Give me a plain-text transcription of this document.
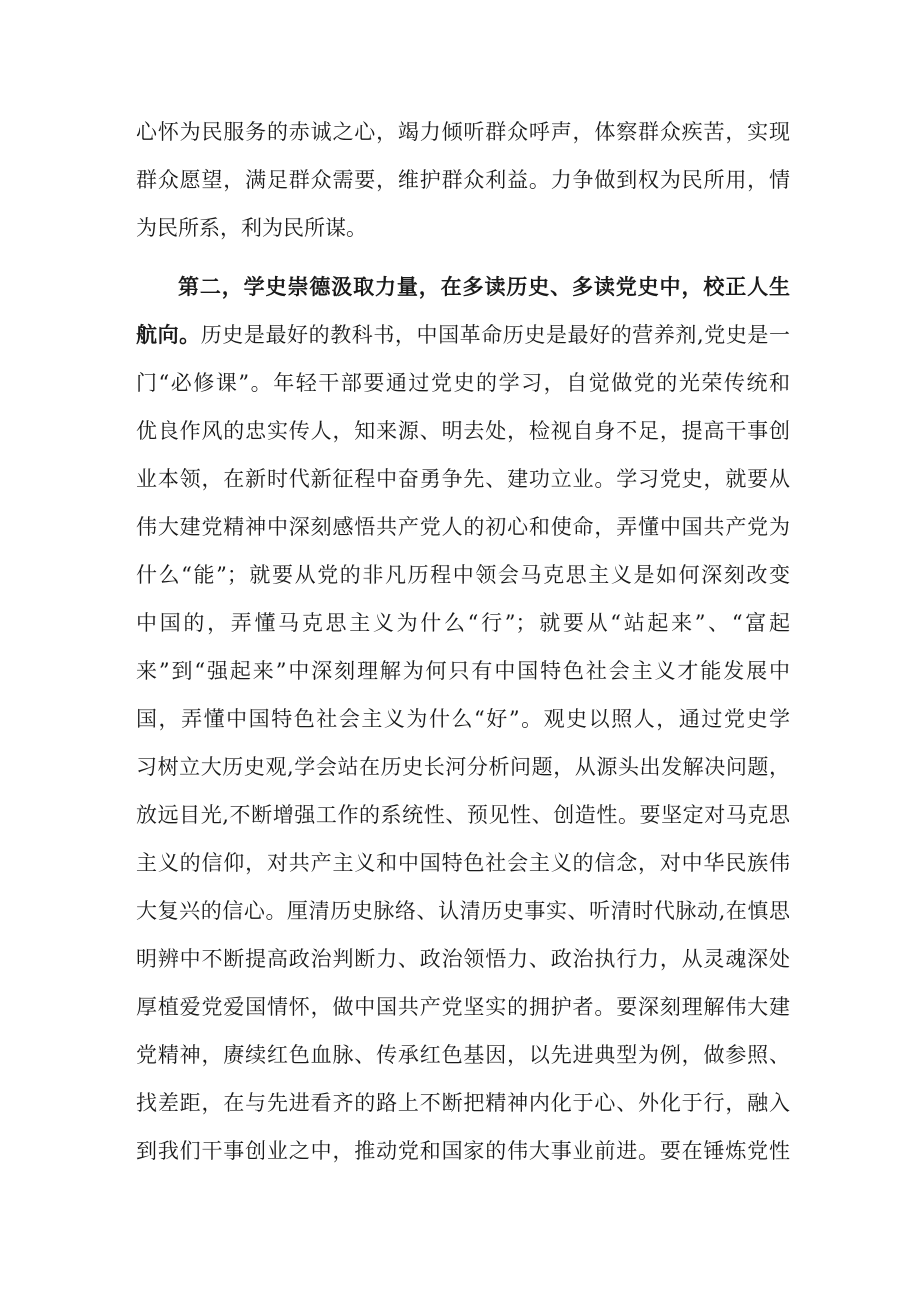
心怀为民服务的赤诚之心，竭力倾听群众呼声，体察群众疾苦，实现
群众愿望，满足群众需要，维护群众利益。力争做到权为民所用，情
为民所系，利为民所谋。
第二，学史崇德汲取力量，在多读历史、多读党史中，校正人生
航向。历史是最好的教科书，中国革命历史是最好的营养剂,党史是一
门“必修课”。年轻干部要通过党史的学习，自觉做党的光荣传统和
优良作风的忠实传人，知来源、明去处，检视自身不足，提高干事创
业本领，在新时代新征程中奋勇争先、建功立业。学习党史，就要从
伟大建党精神中深刻感悟共产党人的初心和使命，弄懂中国共产党为
什么“能”；就要从党的非凡历程中领会马克思主义是如何深刻改变
中国的，弄懂马克思主义为什么“行”；就要从“站起来”、“富起
来”到“强起来”中深刻理解为何只有中国特色社会主义才能发展中
国，弄懂中国特色社会主义为什么“好”。观史以照人，通过党史学
习树立大历史观,学会站在历史长河分析问题，从源头出发解决问题，
放远目光,不断增强工作的系统性、预见性、创造性。要坚定对马克思
主义的信仰，对共产主义和中国特色社会主义的信念，对中华民族伟
大复兴的信心。厘清历史脉络、认清历史事实、听清时代脉动,在慎思
明辨中不断提高政治判断力、政治领悟力、政治执行力，从灵魂深处
厚植爱党爱国情怀，做中国共产党坚实的拥护者。要深刻理解伟大建
党精神，赓续红色血脉、传承红色基因，以先进典型为例，做参照、
找差距，在与先进看齐的路上不断把精神内化于心、外化于行，融入
到我们干事创业之中，推动党和国家的伟大事业前进。要在锤炼党性
